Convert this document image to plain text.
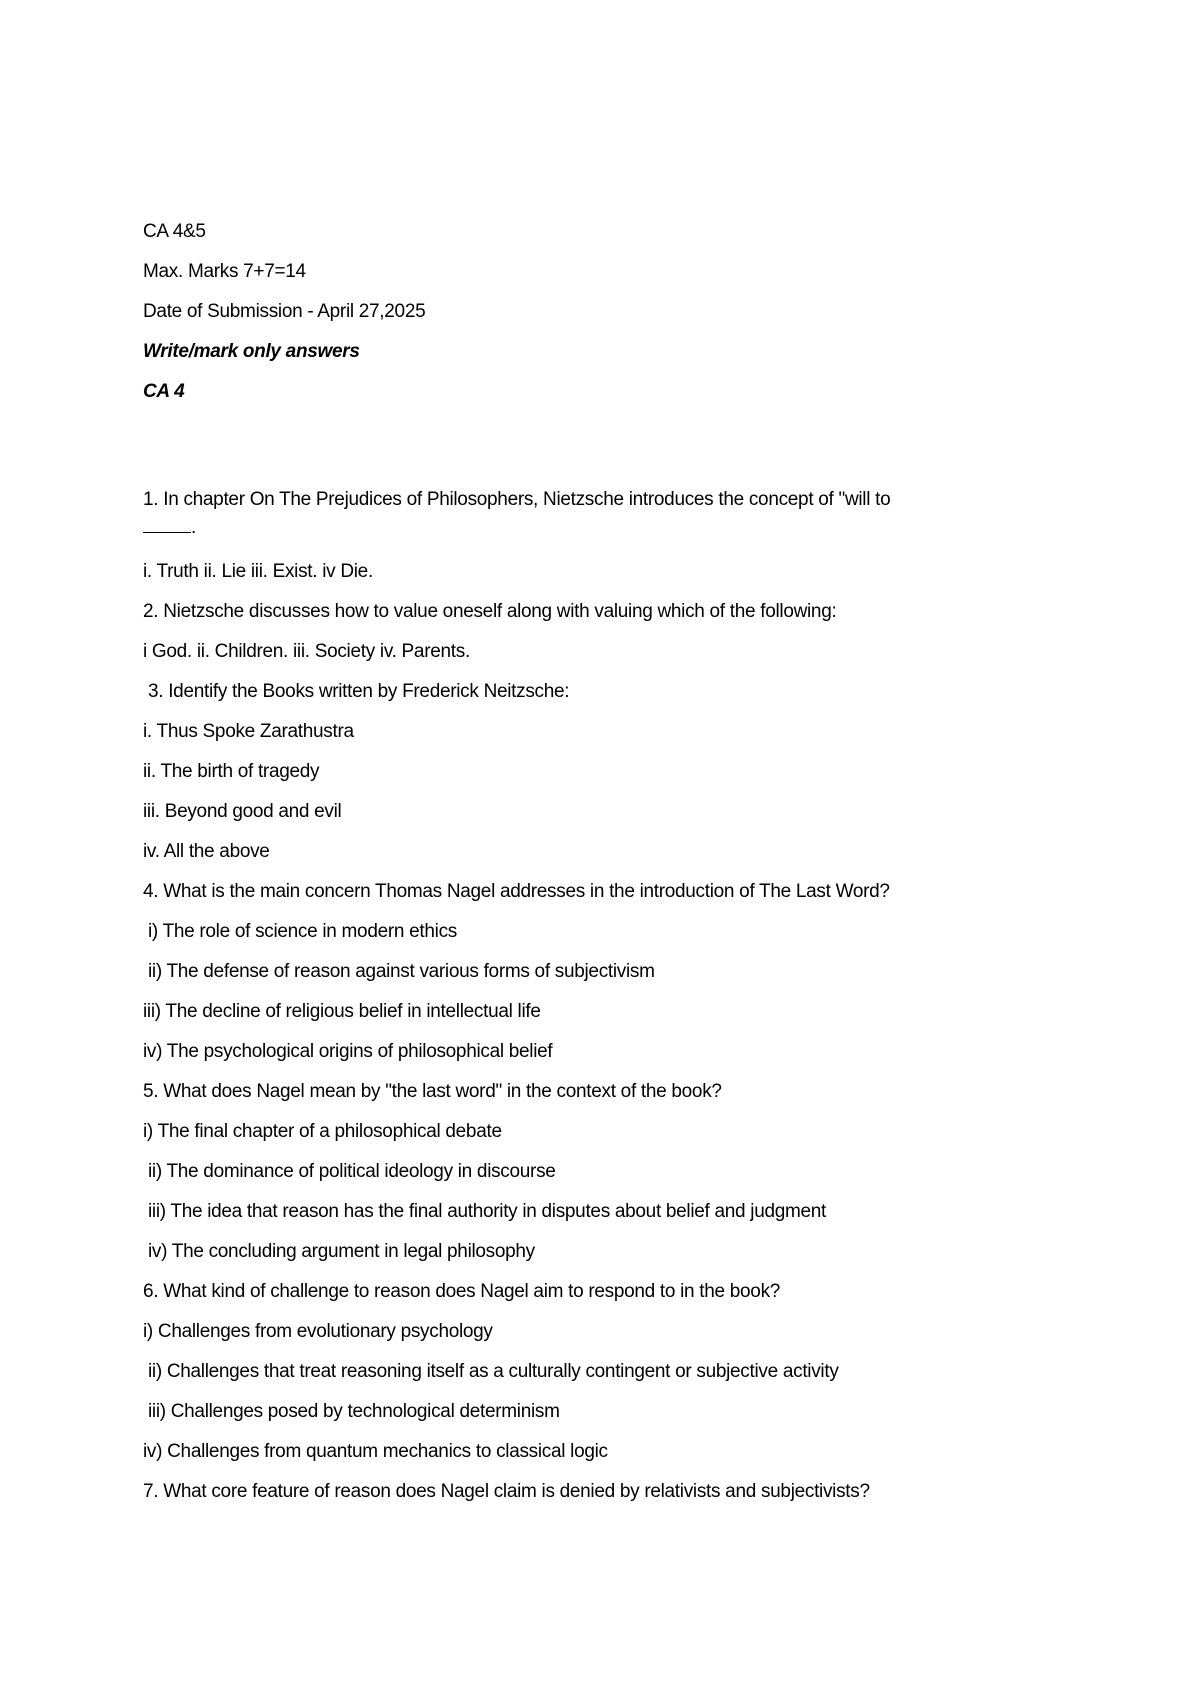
CA 4&5
Max. Marks 7+7=14
Date of Submission - April 27,2025
Write/mark only answers
CA 4
1. In chapter On The Prejudices of Philosophers, Nietzsche introduces the concept of "will to
.
i. Truth ii. Lie iii. Exist. iv Die.
2. Nietzsche discusses how to value oneself along with valuing which of the following:
i God. ii. Children. iii. Society iv. Parents.
3. Identify the Books written by Frederick Neitzsche:
i. Thus Spoke Zarathustra
ii. The birth of tragedy
iii. Beyond good and evil
iv. All the above
4. What is the main concern Thomas Nagel addresses in the introduction of The Last Word?
i) The role of science in modern ethics
ii) The defense of reason against various forms of subjectivism
iii) The decline of religious belief in intellectual life
iv) The psychological origins of philosophical belief
5. What does Nagel mean by "the last word" in the context of the book?
i) The final chapter of a philosophical debate
ii) The dominance of political ideology in discourse
iii) The idea that reason has the final authority in disputes about belief and judgment
iv) The concluding argument in legal philosophy
6. What kind of challenge to reason does Nagel aim to respond to in the book?
i) Challenges from evolutionary psychology
ii) Challenges that treat reasoning itself as a culturally contingent or subjective activity
iii) Challenges posed by technological determinism
iv) Challenges from quantum mechanics to classical logic
7. What core feature of reason does Nagel claim is denied by relativists and subjectivists?
